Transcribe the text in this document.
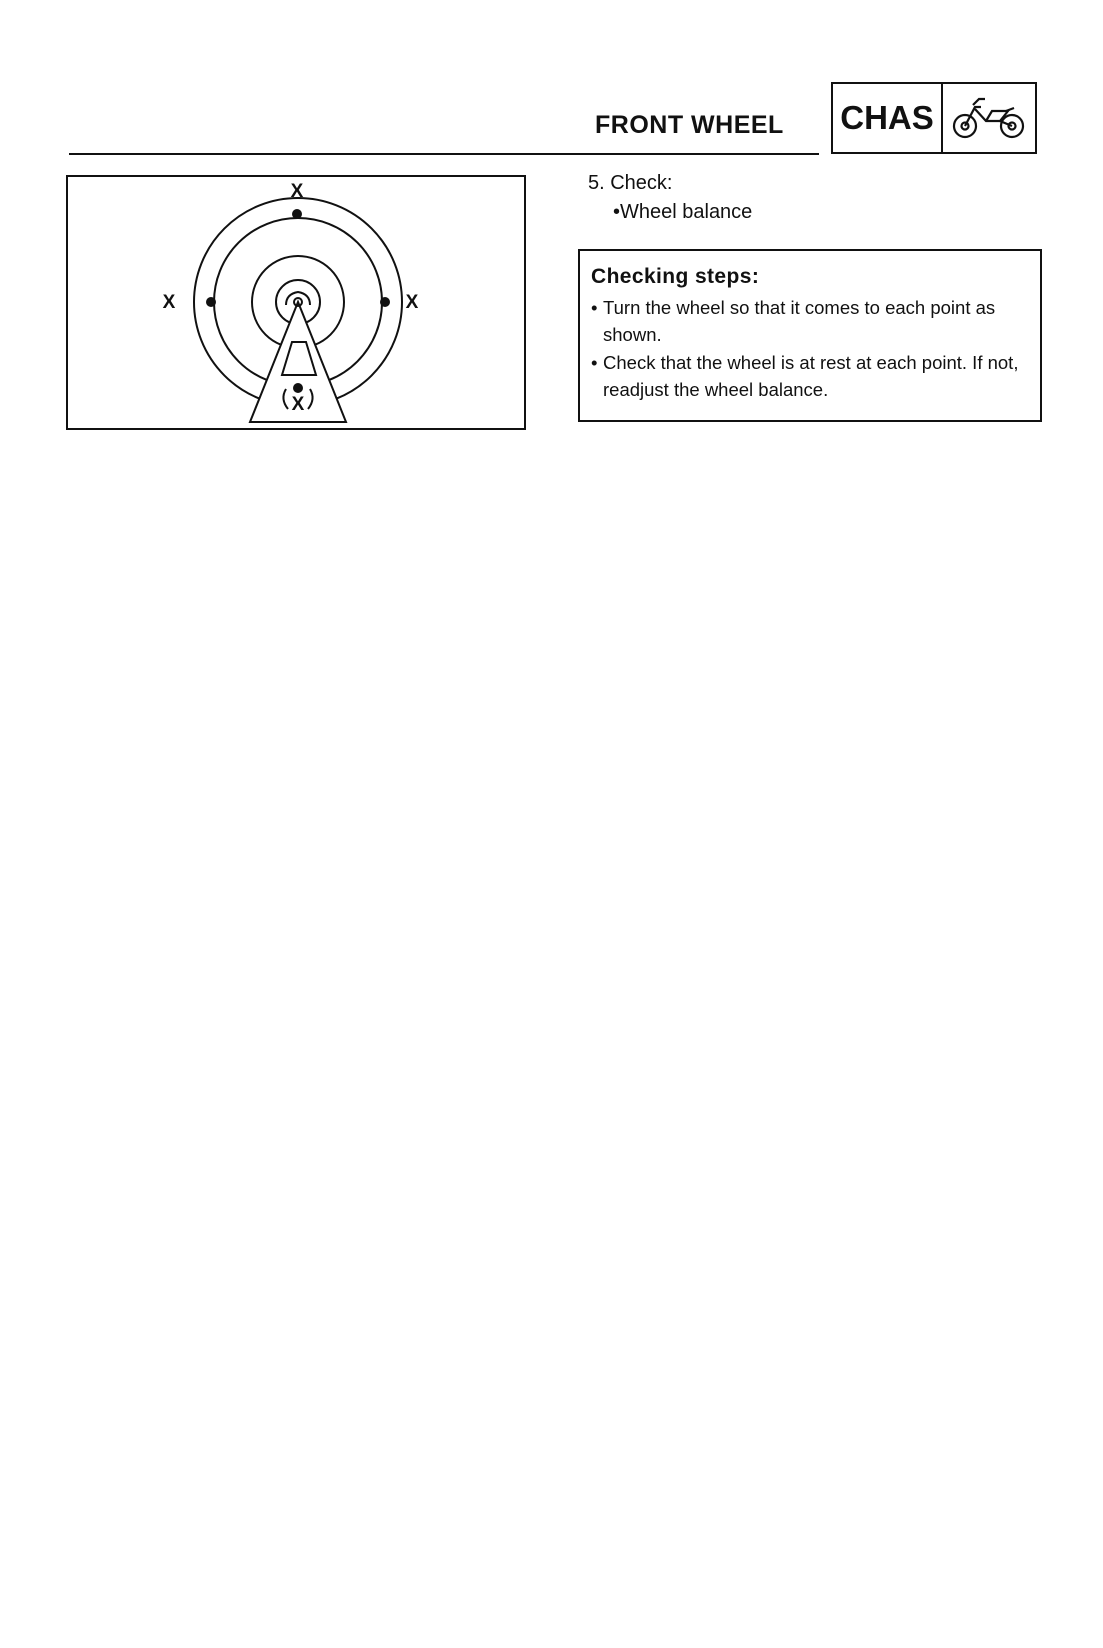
FRONT WHEEL CHAS
X
X	X
X
5. Check:
•Wheel balance
Checking steps:
• Turn the wheel so that it comes to each point as shown.
• Check that the wheel is at rest at each point. If not, readjust the wheel balance.
